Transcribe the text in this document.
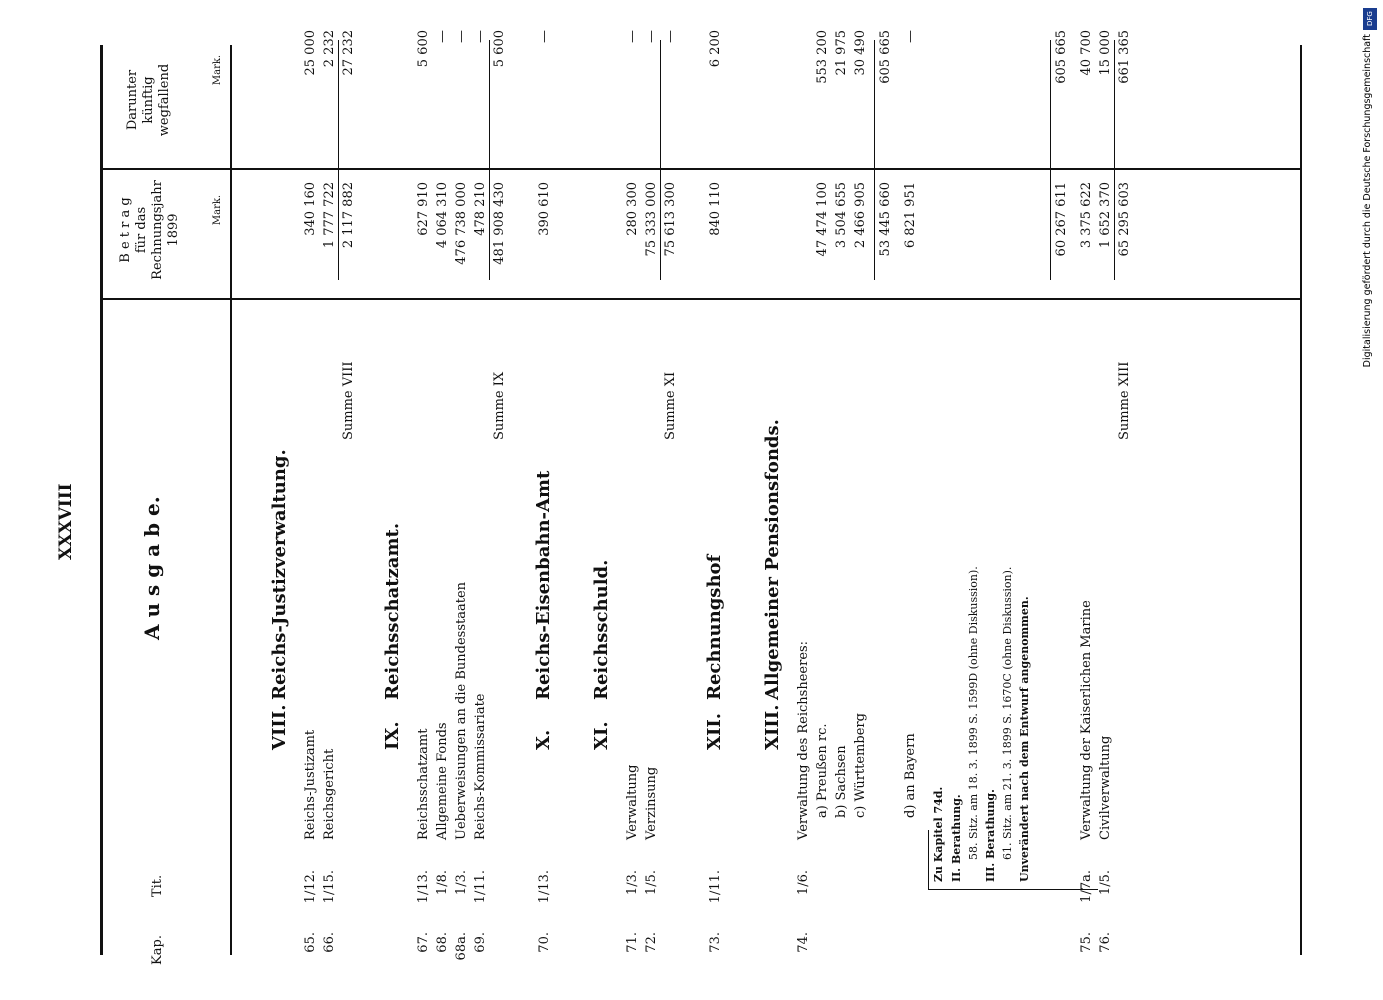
XXXVIII
Kap.
Tit.
A u s g a b e.
B e t r a g für das Rechnungsjahr 1899
Mark.
Darunter künftig wegfallend	Mark.
VIII.
Reichs-Justizverwaltung.
65.
1/12.
Reichs-Justizamt
340 160
25 000
66.
1/15.
Reichsgericht
1 777 722
2 232
Summe VIII
2 117 882
27 232
IX.
Reichsschatzamt.
67.
1/13.
Reichsschatzamt
627 910
5 600
68.
1/8.
Allgemeine Fonds
4 064 310
—
68a.
1/3.
Ueberweisungen an die Bundesstaaten
476 738 000
—
69.
1/11.
Reichs-Kommissariate
478 210
—
Summe IX
481 908 430
5 600
70.
1/13.
X.
Reichs-Eisenbahn-Amt
390 610
—
XI.
Reichsschuld.
71.
1/3.
Verwaltung
280 300
—
72.
1/5.
Verzinsung
75 333 000
—
Summe XI
75 613 300
—
73.
1/11.
XII.
Rechnungshof
840 110
6 200
XIII.
Allgemeiner Pensionsfonds.
74.
1/6.
Verwaltung des Reichsheeres: a) Preußen rc.
47 474 100
553 200
b) Sachsen
3 504 655
21 975
c) Württemberg
2 466 905
30 490
53 445 660
605 665
d) an Bayern
6 821 951
—
Zu Kapitel 74d. II. Berathung. 58. Sitz. am 18. 3. 1899 S. 1599D (ohne Diskussion). III. Berathung. 61. Sitz. am 21. 3. 1899 S. 1670C (ohne Diskussion). Unverändert nach dem Entwurf angenommen.
60 267 611
605 665
75.
1/7a.
Verwaltung der Kaiserlichen Marine
3 375 622
40 700
76.
1/5.
Civilverwaltung
1 652 370
15 000
Summe XIII
65 295 603
661 365
DFG
Digitalisierung gefördert durch die Deutsche Forschungsgemeinschaft
